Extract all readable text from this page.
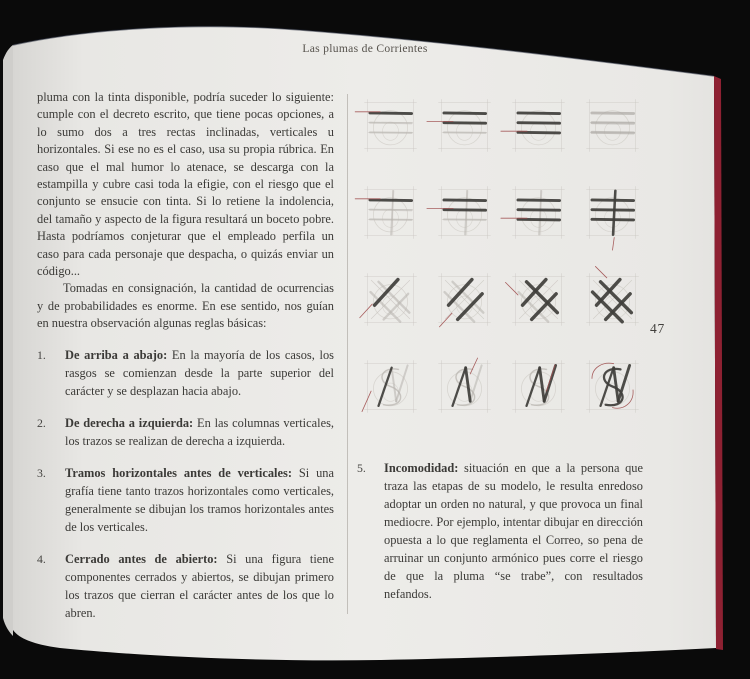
Las plumas de Corrientes

pluma con la tinta disponible, podría suceder lo siguiente: cumple con el decreto escrito, que tiene pocas opciones, a lo sumo dos a tres rectas inclinadas, verticales u horizontales. Si ese no es el caso, usa su propia rúbrica. En caso que el mal humor lo atenace, se descarga con la estampilla y cubre casi toda la efigie, con el riesgo que el conjunto se ensucie con tinta. Si lo retiene la indolencia, del tamaño y aspecto de la figura resultará un boceto pobre. Hasta podríamos conjeturar que el empleado perfila un caso para cada personaje que despacha, o quizás enviar un código...

Tomadas en consignación, la cantidad de ocurrencias y de probabilidades es enorme. En ese sentido, nos guían en nuestra observación algunas reglas básicas:

1.	De arriba a abajo: En la mayoría de los casos, los rasgos se comienzan desde la parte superior del carácter y se desplazan hacia abajo.
2.	De derecha a izquierda: En las columnas verticales, los trazos se realizan de derecha a izquierda.
3.	Tramos horizontales antes de verticales: Si una grafía tiene tanto trazos horizontales como verticales, generalmente se dibujan los tramos horizontales antes de los verticales.
4.	Cerrado antes de abierto: Si una figura tiene componentes cerrados y abiertos, se dibujan primero los trazos que cierran el carácter antes de los que lo abren.
5.	Incomodidad: situación en que a la persona que traza las etapas de su modelo, le resulta enredoso adoptar un orden no natural, y que provoca un final mediocre. Por ejemplo, intentar dibujar en dirección opuesta a lo que reglamenta el Correo, so pena de arruinar un conjunto armónico pues corre el riesgo de que la pluma “se trabe”, con resultados nefandos.
47
